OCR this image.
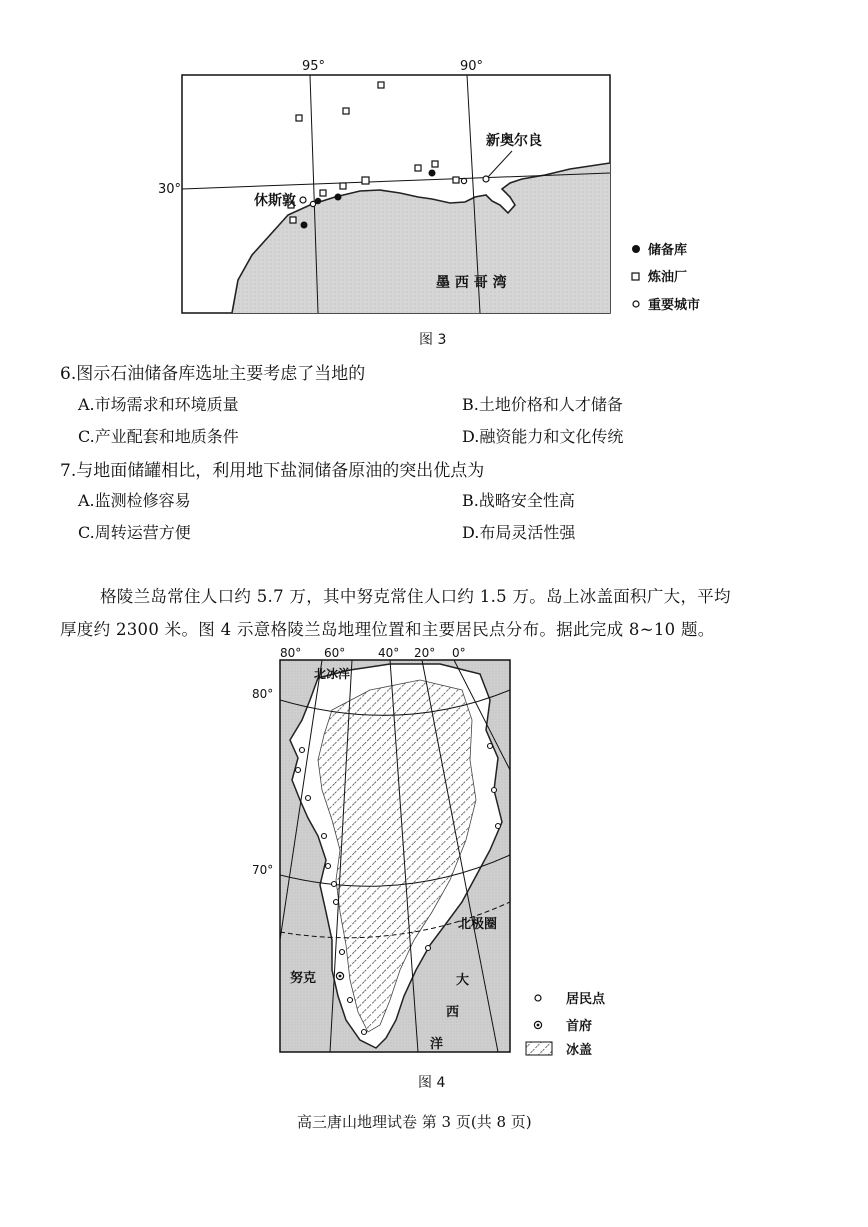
95°	90°
30°
新奥尔良
休斯敦
墨 西 哥 湾
储备库
炼油厂
重要城市
图 3
6.图示石油储备库选址主要考虑了当地的
A.市场需求和环境质量	B.土地价格和人才储备
C.产业配套和地质条件	D.融资能力和文化传统
7.与地面储罐相比，利用地下盐洞储备原油的突出优点为
A.监测检修容易	B.战略安全性高
C.周转运营方便	D.布局灵活性强
格陵兰岛常住人口约 5.7 万，其中努克常住人口约 1.5 万。岛上冰盖面积广大，平均
厚度约 2300 米。图 4 示意格陵兰岛地理位置和主要居民点分布。据此完成 8~10 题。
努克
80° 60°	40° 20° 0°
80°
70°
北冰洋
北极圈
大
西
洋
居民点
首府
冰盖
图 4
高三唐山地理试卷 第 3 页(共 8 页)
